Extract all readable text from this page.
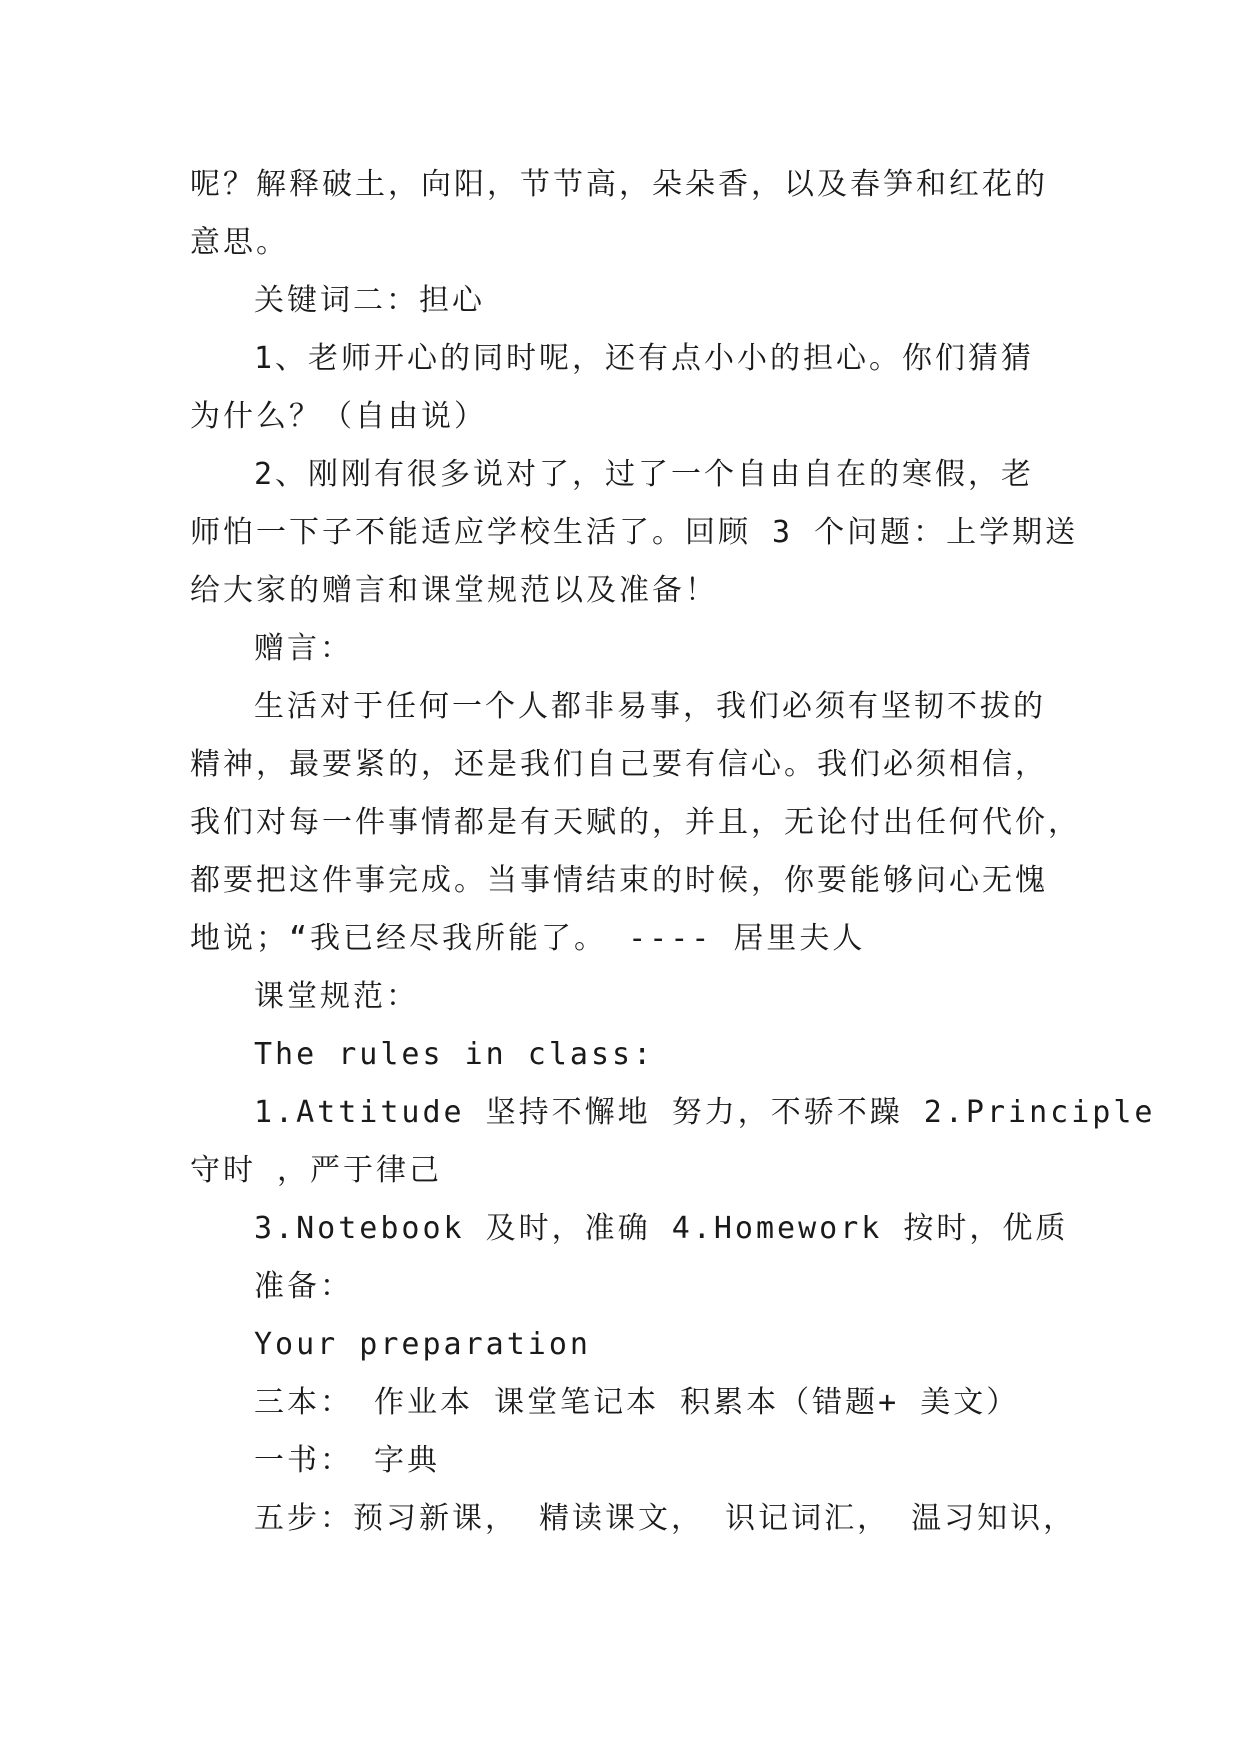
呢？解释破土，向阳，节节高，朵朵香，以及春笋和红花的
意思。
关键词二：担心
1、老师开心的同时呢，还有点小小的担心。你们猜猜
为什么？（自由说）
2、刚刚有很多说对了，过了一个自由自在的寒假，老
师怕一下子不能适应学校生活了。回顾 3 个问题：上学期送
给大家的赠言和课堂规范以及准备！
赠言：
生活对于任何一个人都非易事，我们必须有坚韧不拔的
精神，最要紧的，还是我们自己要有信心。我们必须相信，
我们对每一件事情都是有天赋的，并且，无论付出任何代价，
都要把这件事完成。当事情结束的时候，你要能够问心无愧
地说；“我已经尽我所能了。 ---- 居里夫人
课堂规范：
The rules in class:
1.Attitude 坚持不懈地 努力，不骄不躁 2.Principle
守时 ，严于律己
3.Notebook 及时，准确 4.Homework 按时，优质
准备：
Your preparation
三本： 作业本 课堂笔记本 积累本（错题+ 美文）
一书： 字典
五步：预习新课， 精读课文， 识记词汇， 温习知识，
